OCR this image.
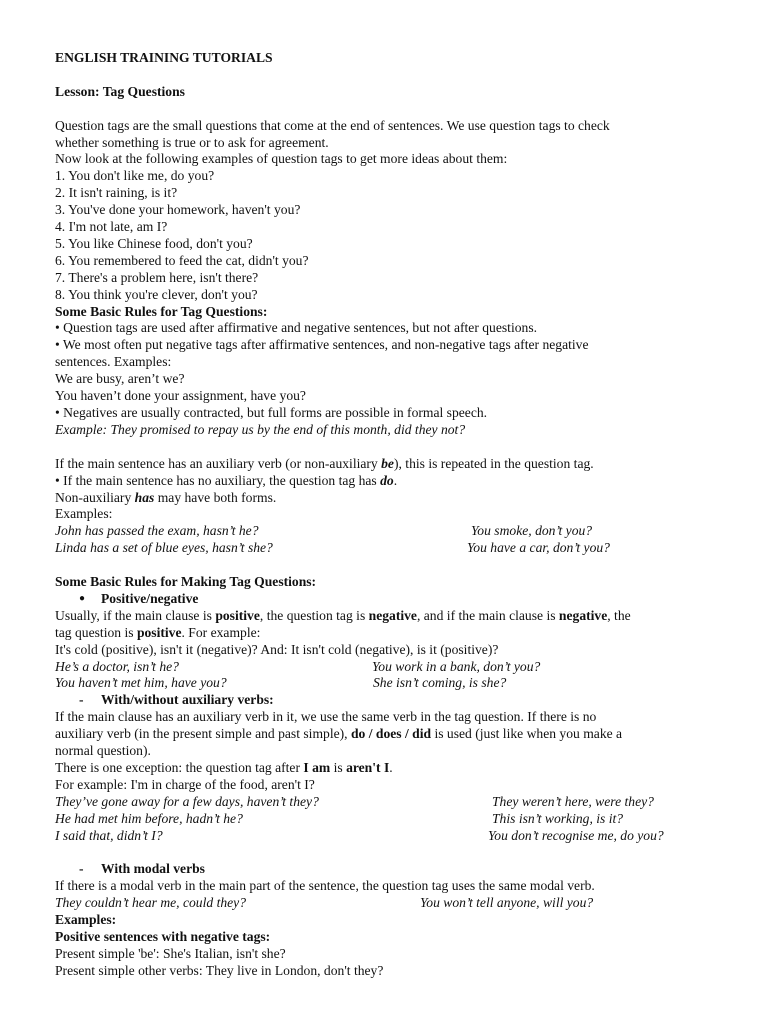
ENGLISH TRAINING TUTORIALS

Lesson: Tag Questions

Question tags are the small questions that come at the end of sentences. We use question tags to check

whether something is true or to ask for agreement.

Now look at the following examples of question tags to get more ideas about them:

1. You don't like me, do you?

2. It isn't raining, is it?

3. You've done your homework, haven't you?

4. I'm not late, am I?

5. You like Chinese food, don't you?

6. You remembered to feed the cat, didn't you?

7. There's a problem here, isn't there?

8. You think you're clever, don't you?

Some Basic Rules for Tag Questions:

• Question tags are used after affirmative and negative sentences, but not after questions.

• We most often put negative tags after affirmative sentences, and non-negative tags after negative

sentences. Examples:

We are busy, aren’t we?

You haven’t done your assignment, have you?

• Negatives are usually contracted, but full forms are possible in formal speech.

Example: They promised to repay us by the end of this month, did they not?

If the main sentence has an auxiliary verb (or non-auxiliary be), this is repeated in the question tag.

• If the main sentence has no auxiliary, the question tag has do.

Non-auxiliary has may have both forms.

Examples:

John has passed the exam, hasn’t he?	You smoke, don’t you?
Linda has a set of blue eyes, hasn’t she?	You have a car, don’t you?

Some Basic Rules for Making Tag Questions:

● Positive/negative

Usually, if the main clause is positive, the question tag is negative, and if the main clause is negative, the

tag question is positive. For example:

It's cold (positive), isn't it (negative)? And: It isn't cold (negative), is it (positive)?

He’s a doctor, isn’t he?	You work in a bank, don’t you?
You haven’t met him, have you?	She isn’t coming, is she?
- With/without auxiliary verbs:

If the main clause has an auxiliary verb in it, we use the same verb in the tag question. If there is no

auxiliary verb (in the present simple and past simple), do / does / did is used (just like when you make a

normal question).

There is one exception: the question tag after I am is aren't I.

For example: I'm in charge of the food, aren't I?

They’ve gone away for a few days, haven’t they?	They weren’t here, were they?
He had met him before, hadn’t he?	This isn’t working, is it?
I said that, didn’t I?	You don’t recognise me, do you?
- With modal verbs

If there is a modal verb in the main part of the sentence, the question tag uses the same modal verb.

They couldn’t hear me, could they?	You won’t tell anyone, will you?

Examples:

Positive sentences with negative tags:

Present simple 'be': She's Italian, isn't she?

Present simple other verbs: They live in London, don't they?
